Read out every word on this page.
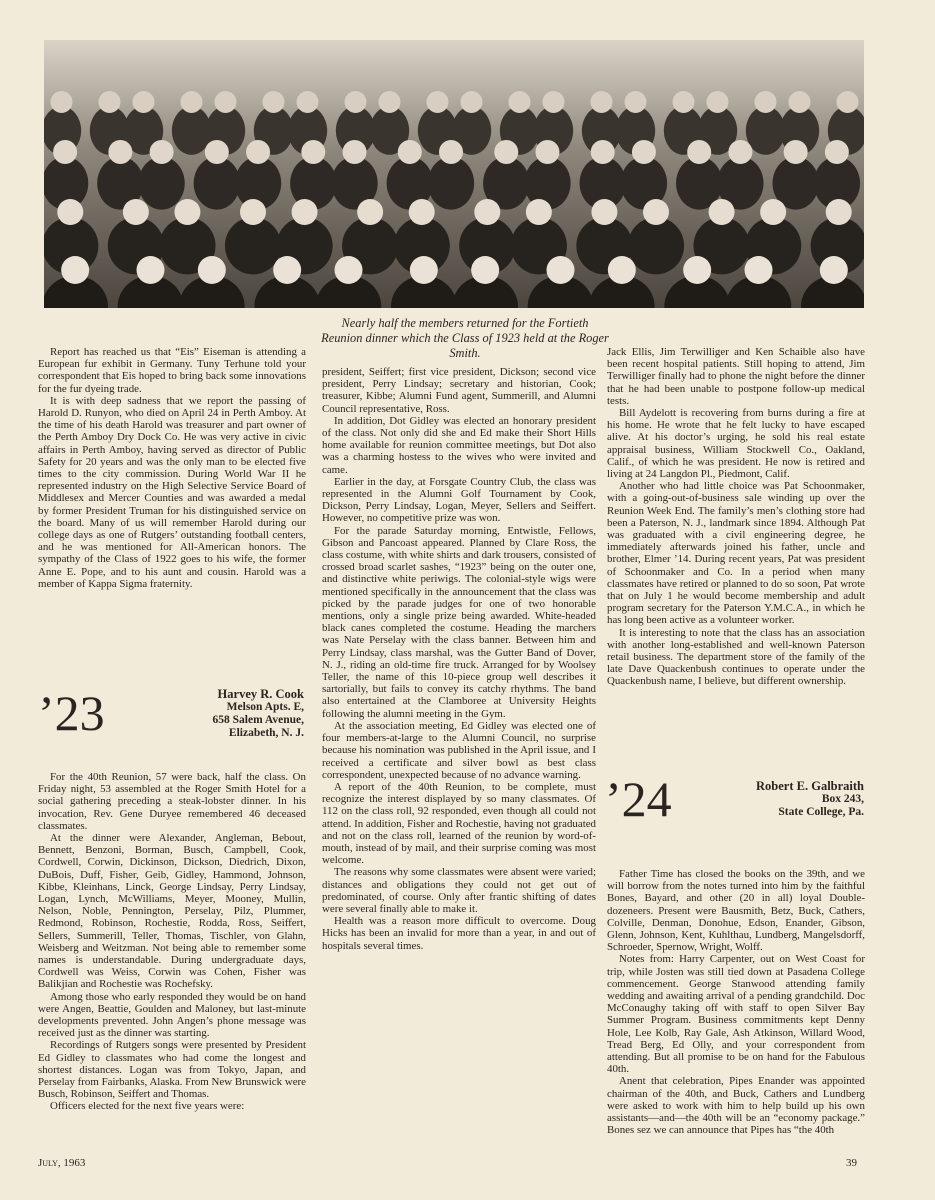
Nearly half the members returned for the Fortieth Reunion dinner which the Class of 1923 held at the Roger Smith.

Report has reached us that “Eis” Eiseman is attending a European fur exhibit in Germany. Tuny Terhune told your correspondent that Eis hoped to bring back some innovations for the fur dyeing trade.

It is with deep sadness that we report the passing of Harold D. Runyon, who died on April 24 in Perth Amboy. At the time of his death Harold was treasurer and part owner of the Perth Amboy Dry Dock Co. He was very active in civic affairs in Perth Amboy, having served as director of Public Safety for 20 years and was the only man to be elected five times to the city commission. During World War II he represented industry on the High Selective Service Board of Middlesex and Mercer Counties and was awarded a medal by former President Truman for his distinguished service on the board. Many of us will remember Harold during our college days as one of Rutgers’ outstanding football centers, and he was mentioned for All-American honors. The sympathy of the Class of 1922 goes to his wife, the former Anne E. Pope, and to his aunt and cousin. Harold was a member of Kappa Sigma fraternity.

’23	Harvey R. Cook
Melson Apts. E,
658 Salem Avenue,
Elizabeth, N. J.

For the 40th Reunion, 57 were back, half the class. On Friday night, 53 assembled at the Roger Smith Hotel for a social gathering preceding a steak-lobster dinner. In his invocation, Rev. Gene Duryee remembered 46 deceased classmates.

At the dinner were Alexander, Angleman, Bebout, Bennett, Benzoni, Borman, Busch, Campbell, Cook, Cordwell, Corwin, Dickinson, Dickson, Diedrich, Dixon, DuBois, Duff, Fisher, Geib, Gidley, Hammond, Johnson, Kibbe, Kleinhans, Linck, George Lindsay, Perry Lindsay, Logan, Lynch, McWilliams, Meyer, Mooney, Mullin, Nelson, Noble, Pennington, Perselay, Pilz, Plummer, Redmond, Robinson, Rochestie, Rodda, Ross, Seiffert, Sellers, Summerill, Teller, Thomas, Tischler, von Glahn, Weisberg and Weitzman. Not being able to remember some names is understandable. During undergraduate days, Cordwell was Weiss, Corwin was Cohen, Fisher was Balikjian and Rochestie was Rochefsky.

Among those who early responded they would be on hand were Angen, Beattie, Goulden and Maloney, but last-minute developments prevented. John Angen’s phone message was received just as the dinner was starting.

Recordings of Rutgers songs were presented by President Ed Gidley to classmates who had come the longest and shortest distances. Logan was from Tokyo, Japan, and Perselay from Fairbanks, Alaska. From New Brunswick were Busch, Robinson, Seiffert and Thomas.

Officers elected for the next five years were:

president, Seiffert; first vice president, Dickson; second vice president, Perry Lindsay; secretary and historian, Cook; treasurer, Kibbe; Alumni Fund agent, Summerill, and Alumni Council representative, Ross.

In addition, Dot Gidley was elected an honorary president of the class. Not only did she and Ed make their Short Hills home available for reunion committee meetings, but Dot also was a charming hostess to the wives who were invited and came.

Earlier in the day, at Forsgate Country Club, the class was represented in the Alumni Golf Tournament by Cook, Dickson, Perry Lindsay, Logan, Meyer, Sellers and Seiffert. However, no competitive prize was won.

For the parade Saturday morning, Entwistle, Fellows, Gibson and Pancoast appeared. Planned by Clare Ross, the class costume, with white shirts and dark trousers, consisted of crossed broad scarlet sashes, “1923” being on the outer one, and distinctive white periwigs. The colonial-style wigs were mentioned specifically in the announcement that the class was picked by the parade judges for one of two honorable mentions, only a single prize being awarded. White-headed black canes completed the costume. Heading the marchers was Nate Perselay with the class banner. Between him and Perry Lindsay, class marshal, was the Gutter Band of Dover, N. J., riding an old-time fire truck. Arranged for by Woolsey Teller, the name of this 10-piece group well describes it sartorially, but fails to convey its catchy rhythms. The band also entertained at the Clamboree at University Heights following the alumni meeting in the Gym.

At the association meeting, Ed Gidley was elected one of four members-at-large to the Alumni Council, no surprise because his nomination was published in the April issue, and I received a certificate and silver bowl as best class correspondent, unexpected because of no advance warning.

A report of the 40th Reunion, to be complete, must recognize the interest displayed by so many classmates. Of 112 on the class roll, 92 responded, even though all could not attend. In addition, Fisher and Rochestie, having not graduated and not on the class roll, learned of the reunion by word-of-mouth, instead of by mail, and their surprise coming was most welcome.

The reasons why some classmates were absent were varied; distances and obligations they could not get out of predominated, of course. Only after frantic shifting of dates were several finally able to make it.

Health was a reason more difficult to overcome. Doug Hicks has been an invalid for more than a year, in and out of hospitals several times.

Jack Ellis, Jim Terwilliger and Ken Schaible also have been recent hospital patients. Still hoping to attend, Jim Terwilliger finally had to phone the night before the dinner that he had been unable to postpone follow-up medical tests.

Bill Aydelott is recovering from burns during a fire at his home. He wrote that he felt lucky to have escaped alive. At his doctor’s urging, he sold his real estate appraisal business, William Stockwell Co., Oakland, Calif., of which he was president. He now is retired and living at 24 Langdon Pl., Piedmont, Calif.

Another who had little choice was Pat Schoonmaker, with a going-out-of-business sale winding up over the Reunion Week End. The family’s men’s clothing store had been a Paterson, N. J., landmark since 1894. Although Pat was graduated with a civil engineering degree, he immediately afterwards joined his father, uncle and brother, Elmer ’14. During recent years, Pat was president of Schoonmaker and Co. In a period when many classmates have retired or planned to do so soon, Pat wrote that on July 1 he would become membership and adult program secretary for the Paterson Y.M.C.A., in which he has long been active as a volunteer worker.

It is interesting to note that the class has an association with another long-established and well-known Paterson retail business. The department store of the family of the late Dave Quackenbush continues to operate under the Quackenbush name, I believe, but different ownership.

’24	Robert E. Galbraith
Box 243,
State College, Pa.

Father Time has closed the books on the 39th, and we will borrow from the notes turned into him by the faithful Bones, Bayard, and other (20 in all) loyal Double-dozeneers. Present were Bausmith, Betz, Buck, Cathers, Colville, Denman, Donohue, Edson, Enander, Gibson, Glenn, Johnson, Kent, Kuhlthau, Lundberg, Mangelsdorff, Schroeder, Spernow, Wright, Wolff.

Notes from: Harry Carpenter, out on West Coast for trip, while Josten was still tied down at Pasadena College commencement. George Stanwood attending family wedding and awaiting arrival of a pending grandchild. Doc McConaughy taking off with staff to open Silver Bay Summer Program. Business commitments kept Denny Hole, Lee Kolb, Ray Gale, Ash Atkinson, Willard Wood, Tread Berg, Ed Olly, and your correspondent from attending. But all promise to be on hand for the Fabulous 40th.

Anent that celebration, Pipes Enander was appointed chairman of the 40th, and Buck, Cathers and Lundberg were asked to work with him to help build up his own assistants—and—the 40th will be an “economy package.” Bones sez we can announce that Pipes has “the 40th

July, 1963	39
